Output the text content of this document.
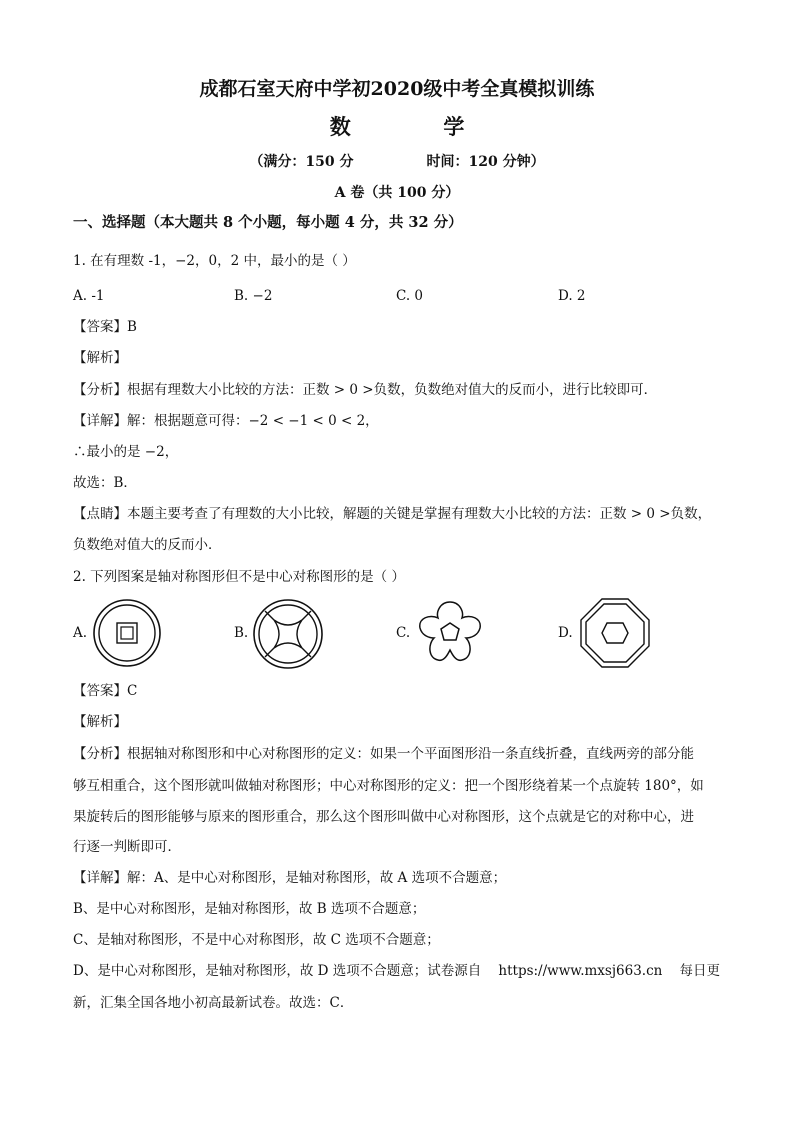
成都石室天府中学初2020级中考全真模拟训练
数	学
（满分：150 分               时间：120 分钟）
A 卷（共 100 分）
一、选择题（本大题共 8 个小题，每小题 4 分，共 32 分）
1. 在有理数 -1，−2，0，2 中，最小的是（ ）
A. -1	B. −2	C. 0	D. 2
【答案】B
【解析】
【分析】根据有理数大小比较的方法：正数 > 0 >负数，负数绝对值大的反而小，进行比较即可．
【详解】解：根据题意可得：−2 < −1 < 0 < 2，
∴最小的是 −2，
故选：B．
【点睛】本题主要考查了有理数的大小比较，解题的关键是掌握有理数大小比较的方法：正数 > 0 >负数，
负数绝对值大的反而小．
2. 下列图案是轴对称图形但不是中心对称图形的是（ ）
A.	B.	C.	D.
【答案】C
【解析】
【分析】根据轴对称图形和中心对称图形的定义：如果一个平面图形沿一条直线折叠，直线两旁的部分能
够互相重合，这个图形就叫做轴对称图形；中心对称图形的定义：把一个图形绕着某一个点旋转 180°，如
果旋转后的图形能够与原来的图形重合，那么这个图形叫做中心对称图形，这个点就是它的对称中心，进
行逐一判断即可．
【详解】解：A、是中心对称图形，是轴对称图形，故 A 选项不合题意；
B、是中心对称图形，是轴对称图形，故 B 选项不合题意；
C、是轴对称图形，不是中心对称图形，故 C 选项不合题意；
D、是中心对称图形，是轴对称图形，故 D 选项不合题意；试卷源自    https://www.mxsj663.cn    每日更
新，汇集全国各地小初高最新试卷。故选：C．
